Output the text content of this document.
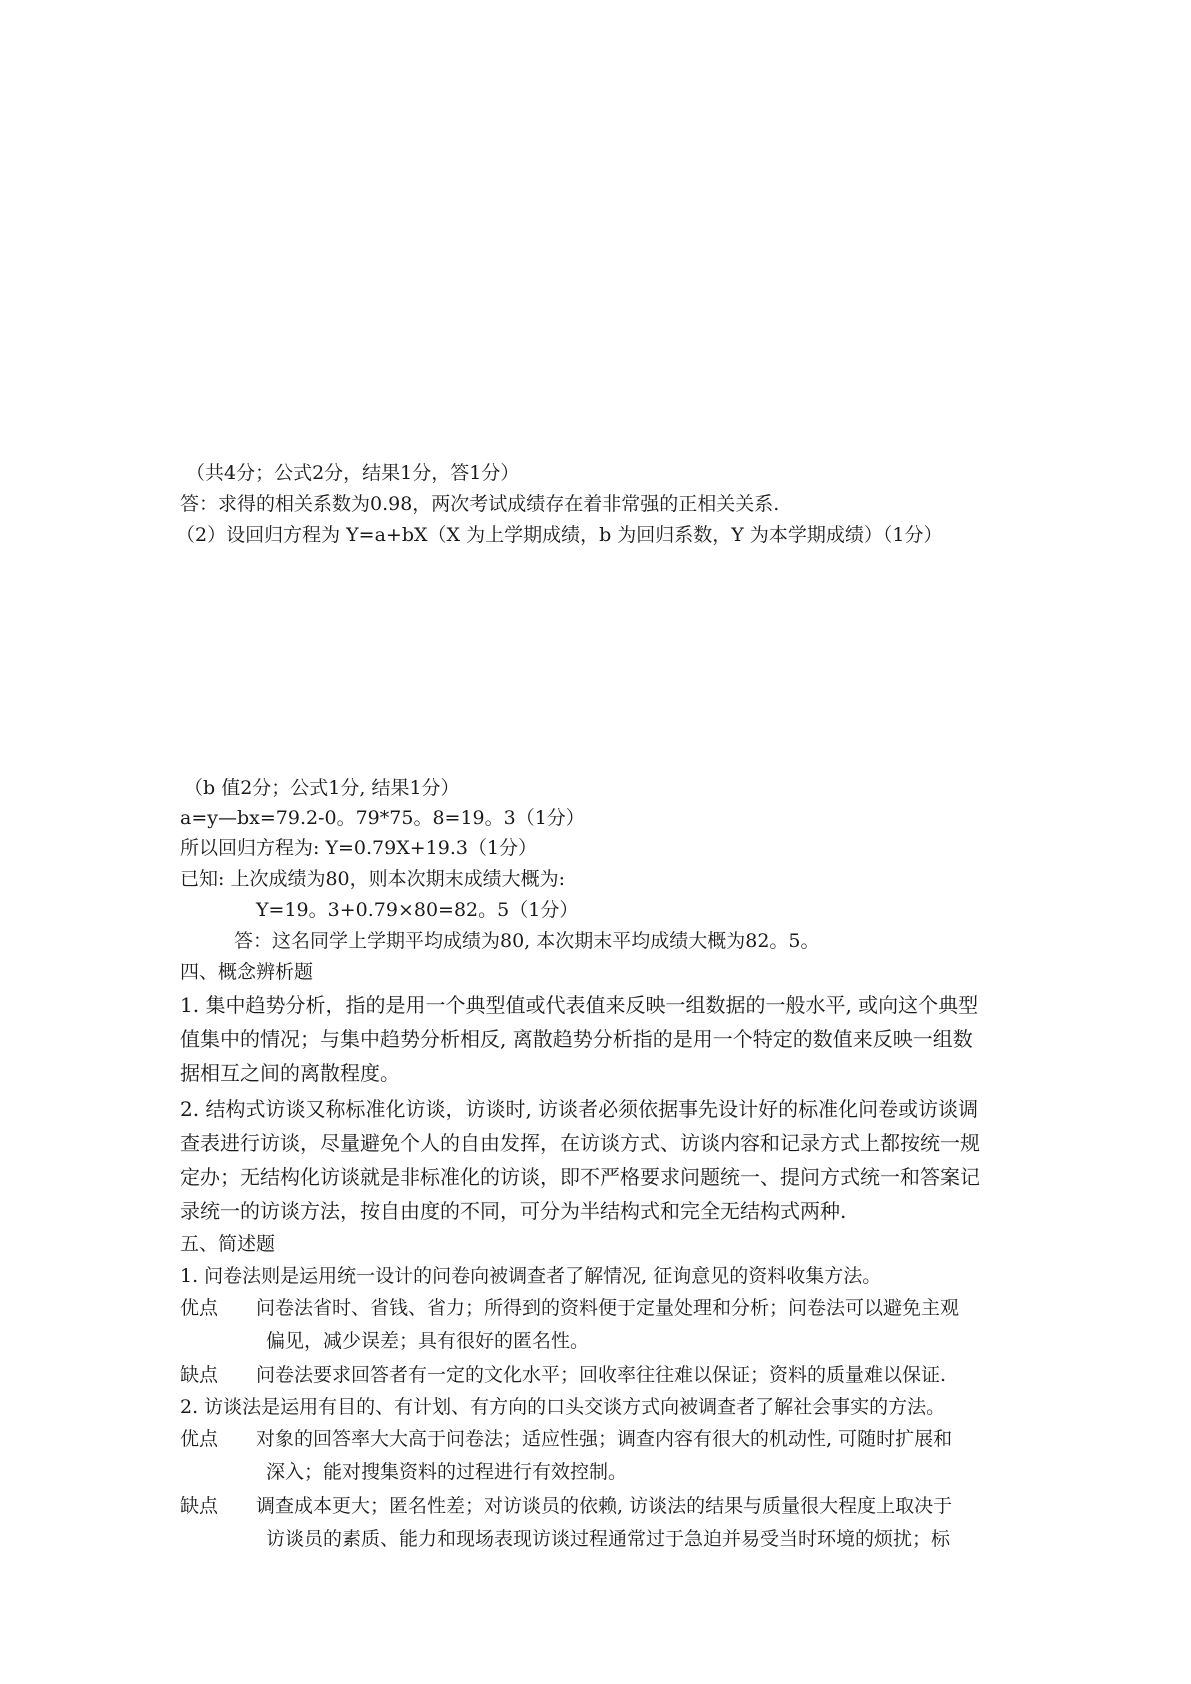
（共4分；公式2分，结果1分，答1分）
答：求得的相关系数为0.98，两次考试成绩存在着非常强的正相关关系.
（2）设回归方程为 Y=a+bX（X 为上学期成绩，b 为回归系数，Y 为本学期成绩）（1分）
（b 值2分；公式1分, 结果1分）
a=y—bx=79.2-0。79*75。8=19。3（1分）
所以回归方程为: Y=0.79X+19.3（1分）
已知: 上次成绩为80，则本次期末成绩大概为:
Y=19。3+0.79×80=82。5（1分）
答：这名同学上学期平均成绩为80, 本次期末平均成绩大概为82。5。
四、概念辨析题
1. 集中趋势分析，指的是用一个典型值或代表值来反映一组数据的一般水平, 或向这个典型
值集中的情况；与集中趋势分析相反, 离散趋势分析指的是用一个特定的数值来反映一组数
据相互之间的离散程度。
2. 结构式访谈又称标准化访谈，访谈时, 访谈者必须依据事先设计好的标准化问卷或访谈调
查表进行访谈，尽量避免个人的自由发挥，在访谈方式、访谈内容和记录方式上都按统一规
定办；无结构化访谈就是非标准化的访谈，即不严格要求问题统一、提问方式统一和答案记
录统一的访谈方法，按自由度的不同，可分为半结构式和完全无结构式两种.
五、简述题
1. 问卷法则是运用统一设计的问卷向被调查者了解情况, 征询意见的资料收集方法。
优点 问卷法省时、省钱、省力；所得到的资料便于定量处理和分析；问卷法可以避免主观
偏见，减少误差；具有很好的匿名性。
缺点 问卷法要求回答者有一定的文化水平；回收率往往难以保证；资料的质量难以保证.
2. 访谈法是运用有目的、有计划、有方向的口头交谈方式向被调查者了解社会事实的方法。
优点 对象的回答率大大高于问卷法；适应性强；调查内容有很大的机动性, 可随时扩展和
深入；能对搜集资料的过程进行有效控制。
缺点 调查成本更大；匿名性差；对访谈员的依赖, 访谈法的结果与质量很大程度上取决于
访谈员的素质、能力和现场表现访谈过程通常过于急迫并易受当时环境的烦扰；标
